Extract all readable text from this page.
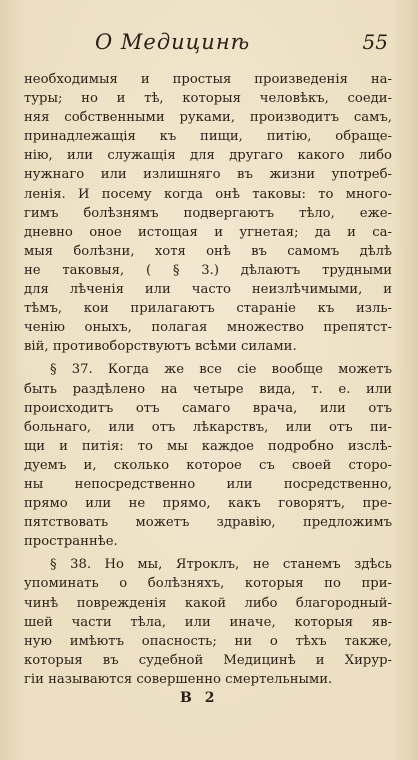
О Медицинѣ	55
необходимыя и простыя произведенія на-
туры; но и тѣ, которыя человѣкъ, соеди-
няя собственными руками, производитъ самъ,
принадлежащія къ пищи, питію, обраще-
нію, или служащія для другаго какого либо
нужнаго или излишняго въ жизни употреб-
ленія. И посему когда онѣ таковы: то много-
гимъ болѣзнямъ подвергаютъ тѣло, еже-
дневно оное истощая и угнетая; да и са-
мыя болѣзни, хотя онѣ въ самомъ дѣлѣ
не таковыя, ( § 3.) дѣлаютъ трудными
для лѣченія или часто неизлѣчимыми, и
тѣмъ, кои прилагаютъ стараніе къ изль-
ченію оныхъ, полагая множество препятст-
вій, противоборствуютъ всѣми силами.
§ 37. Когда же все сіе вообще можетъ
быть раздѣлено на четыре вида, т. е. или
происходитъ отъ самаго врача, или отъ
больнаго, или отъ лѣкарствъ, или отъ пи-
щи и питія: то мы каждое подробно изслѣ-
дуемъ и, сколько которое съ своей сторо-
ны непосредственно или посредственно,
прямо или не прямо, какъ говорятъ, пре-
пятствовать можетъ здравію, предложимъ
пространнѣе.
§ 38. Но мы, Ятроклъ, не станемъ здѣсь
упоминать о болѣзняхъ, которыя по при-
чинѣ поврежденія какой либо благородный-
шей части тѣла, или иначе, которыя яв-
ную имѣютъ опасность; ни о тѣхъ также,
которыя въ судебной Медицинѣ и Хирур-
гіи называются совершенно смертельными.
В 2
